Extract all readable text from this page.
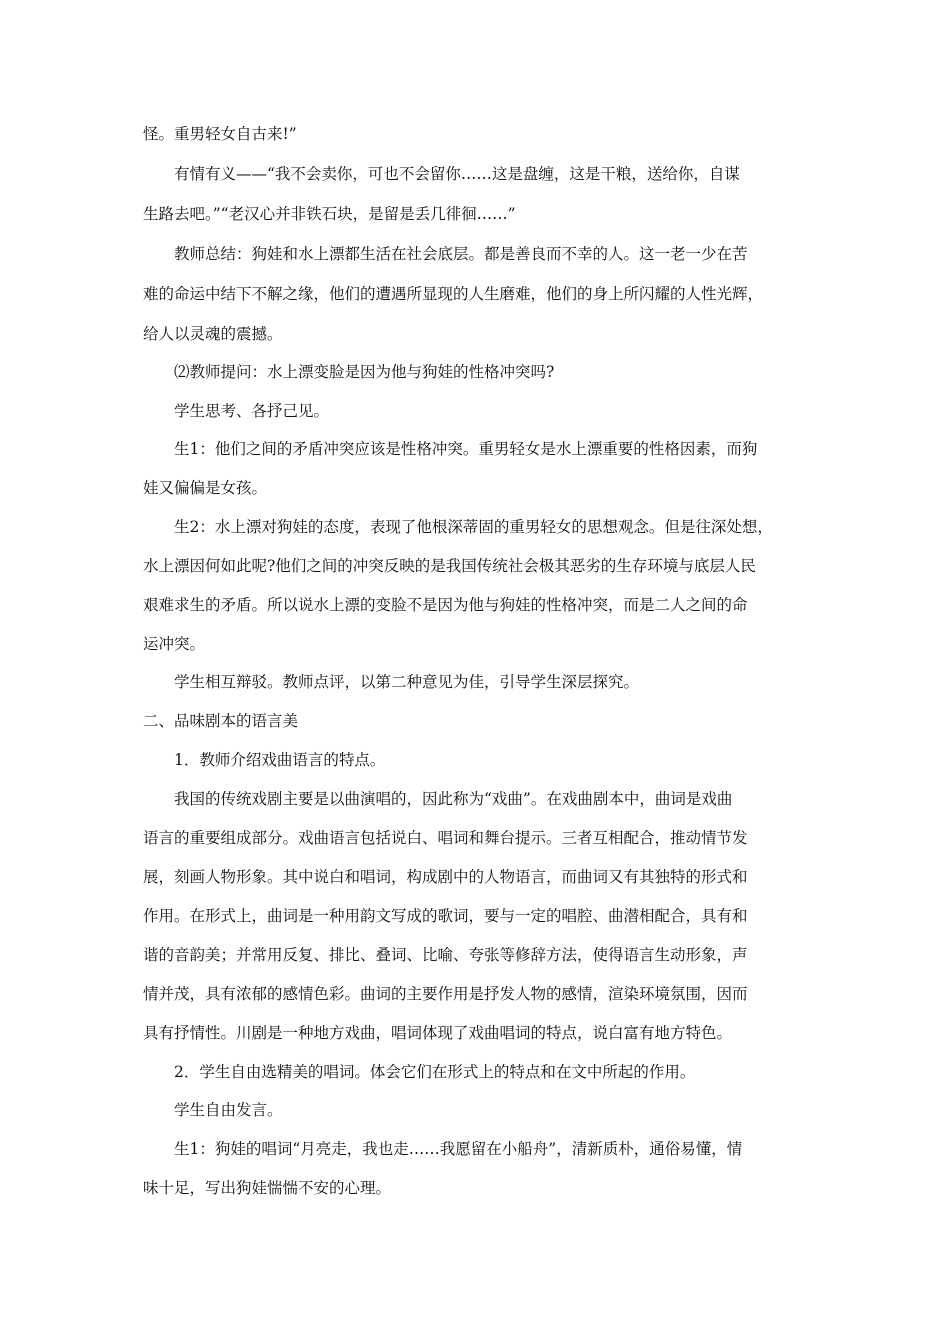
怪。重男轻女自古来!”
有情有义——“我不会卖你，可也不会留你……这是盘缠，这是干粮，送给你，自谋
生路去吧。”“老汉心并非铁石块，是留是丢几徘徊……”
教师总结：狗娃和水上漂都生活在社会底层。都是善良而不幸的人。这一老一少在苦
难的命运中结下不解之缘，他们的遭遇所显现的人生磨难，他们的身上所闪耀的人性光辉，
给人以灵魂的震撼。
⑵教师提问：水上漂变脸是因为他与狗娃的性格冲突吗?
学生思考、各抒己见。
生1：他们之间的矛盾冲突应该是性格冲突。重男轻女是水上漂重要的性格因素，而狗
娃又偏偏是女孩。
生2：水上漂对狗娃的态度，表现了他根深蒂固的重男轻女的思想观念。但是往深处想，
水上漂因何如此呢?他们之间的冲突反映的是我国传统社会极其恶劣的生存环境与底层人民
艰难求生的矛盾。所以说水上漂的变脸不是因为他与狗娃的性格冲突，而是二人之间的命
运冲突。
学生相互辩驳。教师点评，以第二种意见为佳，引导学生深层探究。
二、品味剧本的语言美
1．教师介绍戏曲语言的特点。
我国的传统戏剧主要是以曲演唱的，因此称为“戏曲”。在戏曲剧本中，曲词是戏曲
语言的重要组成部分。戏曲语言包括说白、唱词和舞台提示。三者互相配合，推动情节发
展，刻画人物形象。其中说白和唱词，构成剧中的人物语言，而曲词又有其独特的形式和
作用。在形式上，曲词是一种用韵文写成的歌词，要与一定的唱腔、曲潜相配合，具有和
谐的音韵美；并常用反复、排比、叠词、比喻、夸张等修辞方法，使得语言生动形象，声
情并茂，具有浓郁的感情色彩。曲词的主要作用是抒发人物的感情，渲染环境氛围，因而
具有抒情性。川剧是一种地方戏曲，唱词体现了戏曲唱词的特点，说白富有地方特色。
2．学生自由选精美的唱词。体会它们在形式上的特点和在文中所起的作用。
学生自由发言。
生1：狗娃的唱词“月亮走，我也走……我愿留在小船舟”，清新质朴，通俗易懂，情
味十足，写出狗娃惴惴不安的心理。
